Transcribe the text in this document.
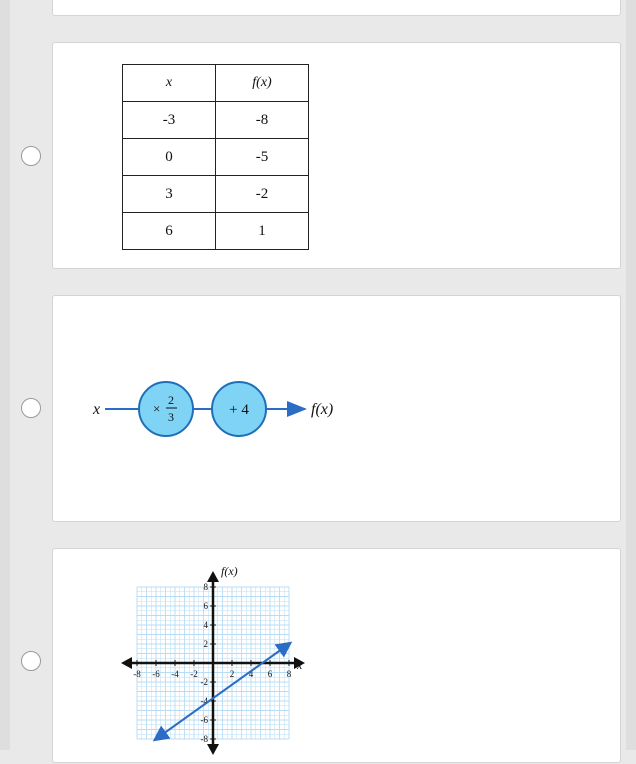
x	f(x)
-3	-8
0	-5
3	-2
6	1
x	×
2
3	+ 4	f(x)
-8 -6 -4 -2	2 4 6 8
8
6
4
2
-2
-4
-6
-8
f(x)
x
